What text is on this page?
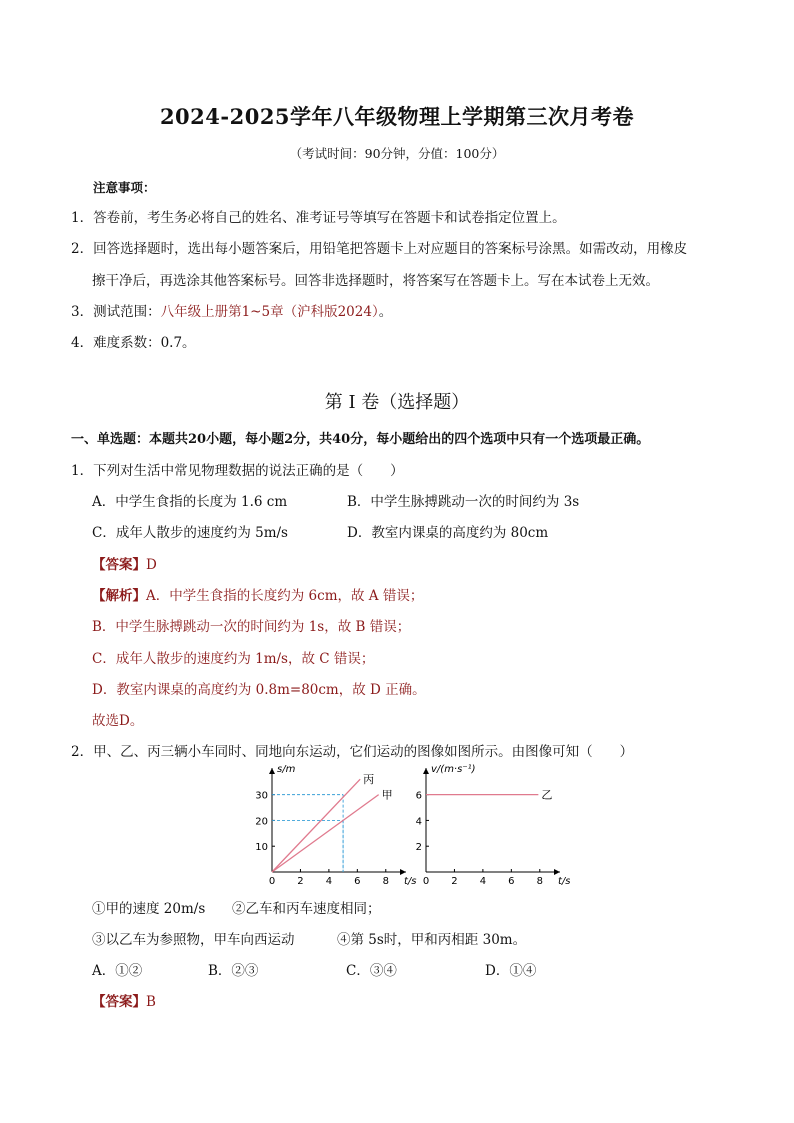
2024-2025学年八年级物理上学期第三次月考卷
（考试时间：90分钟，分值：100分）
注意事项：
1．答卷前，考生务必将自己的姓名、准考证号等填写在答题卡和试卷指定位置上。
2．回答选择题时，选出每小题答案后，用铅笔把答题卡上对应题目的答案标号涂黑。如需改动，用橡皮
擦干净后，再选涂其他答案标号。回答非选择题时，将答案写在答题卡上。写在本试卷上无效。
3．测试范围：八年级上册第1~5章（沪科版2024）。
4．难度系数：0.7。
第 I 卷（选择题）
一、单选题：本题共20小题，每小题2分，共40分，每小题给出的四个选项中只有一个选项最正确。
1．下列对生活中常见物理数据的说法正确的是（　　）
A．中学生食指的长度为 1.6 cm	B．中学生脉搏跳动一次的时间约为 3s
C．成年人散步的速度约为 5m/s	D．教室内课桌的高度约为 80cm
【答案】D
【解析】A．中学生食指的长度约为 6cm，故 A 错误；
B．中学生脉搏跳动一次的时间约为 1s，故 B 错误；
C．成年人散步的速度约为 1m/s，故 C 错误；
D．教室内课桌的高度约为 0.8m=80cm，故 D 正确。
故选D。
2．甲、乙、丙三辆小车同时、同地向东运动，它们运动的图像如图所示。由图像可知（　　）
s/m
t/s
0 2 4 6 8
10
20
30
丙
甲
v/(m·s⁻¹)
t/s
0 2 4 6 8
2
4
6	乙
①甲的速度 20m/s ②乙车和丙车速度相同；
③以乙车为参照物，甲车向西运动	④第 5s时，甲和丙相距 30m。
A．①②	B．②③	C．③④	D．①④
【答案】B
